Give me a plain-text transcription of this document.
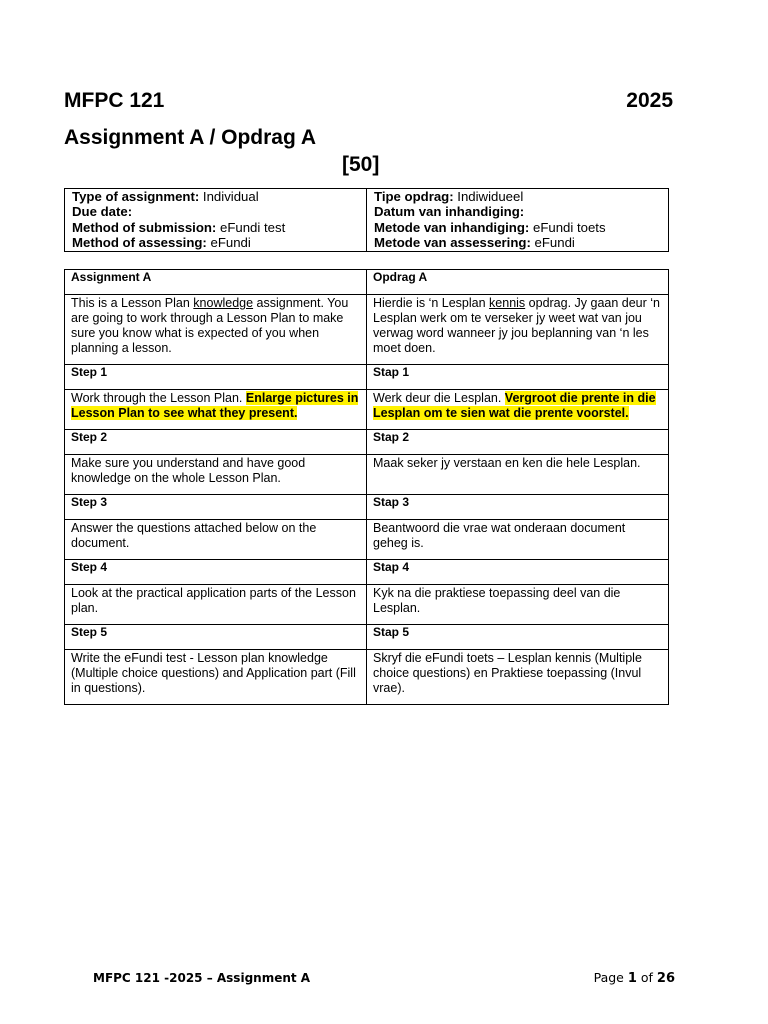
MFPC 121	2025
Assignment A / Opdrag A
[50]
Type of assignment: Individual
Due date:
Method of submission: eFundi test
Method of assessing: eFundi

Tipe opdrag: Indiwidueel
Datum van inhandiging:
Metode van inhandiging: eFundi toets
Metode van assessering: eFundi
Assignment A	Opdrag A
This is a Lesson Plan knowledge assignment. You are going to work through a Lesson Plan to make sure you know what is expected of you when planning a lesson.	Hierdie is ‘n Lesplan kennis opdrag. Jy gaan deur ‘n Lesplan werk om te verseker jy weet wat van jou verwag word wanneer jy jou beplanning van ‘n les moet doen.
Step 1	Stap 1
Work through the Lesson Plan. Enlarge pictures in Lesson Plan to see what they present.	Werk deur die Lesplan. Vergroot die prente in die Lesplan om te sien wat die prente voorstel.
Step 2	Stap 2
Make sure you understand and have good knowledge on the whole Lesson Plan.	Maak seker jy verstaan en ken die hele Lesplan.
Step 3	Stap 3
Answer the questions attached below on the document.	Beantwoord die vrae wat onderaan document geheg is.
Step 4	Stap 4
Look at the practical application parts of the Lesson plan.	Kyk na die praktiese toepassing deel van die Lesplan.
Step 5	Stap 5
Write the eFundi test - Lesson plan knowledge (Multiple choice questions) and Application part (Fill in questions).	Skryf die eFundi toets – Lesplan kennis (Multiple choice questions) en Praktiese toepassing (Invul vrae).
MFPC 121 -2025 – Assignment A	Page 1 of 26
